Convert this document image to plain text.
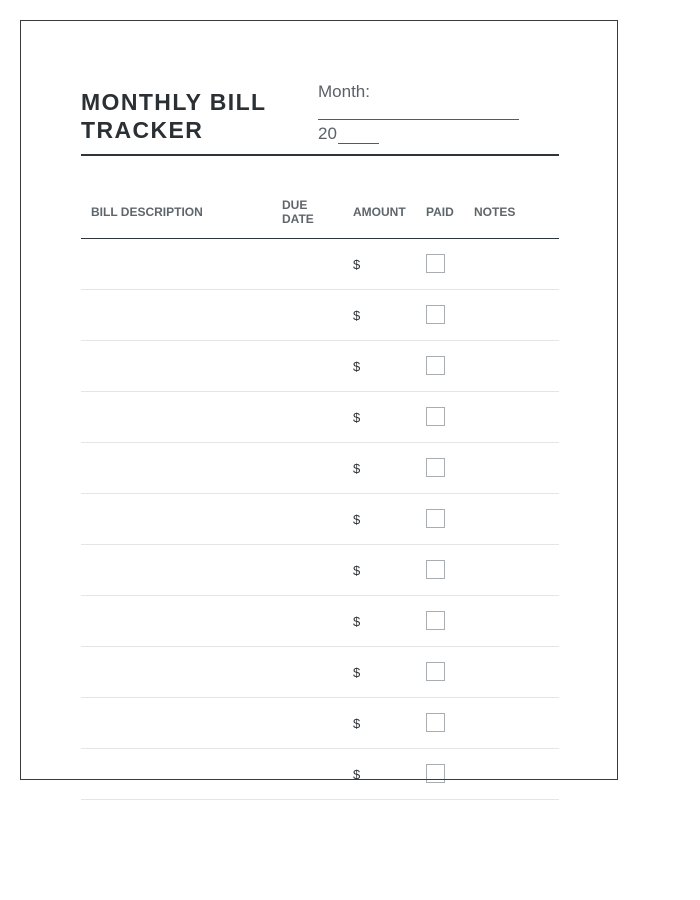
MONTHLY BILL
TRACKER
Month:
20
BILL DESCRIPTION	DUE
DATE	AMOUNT PAID NOTES
$
$
$
$
$
$
$
$
$
$
$
